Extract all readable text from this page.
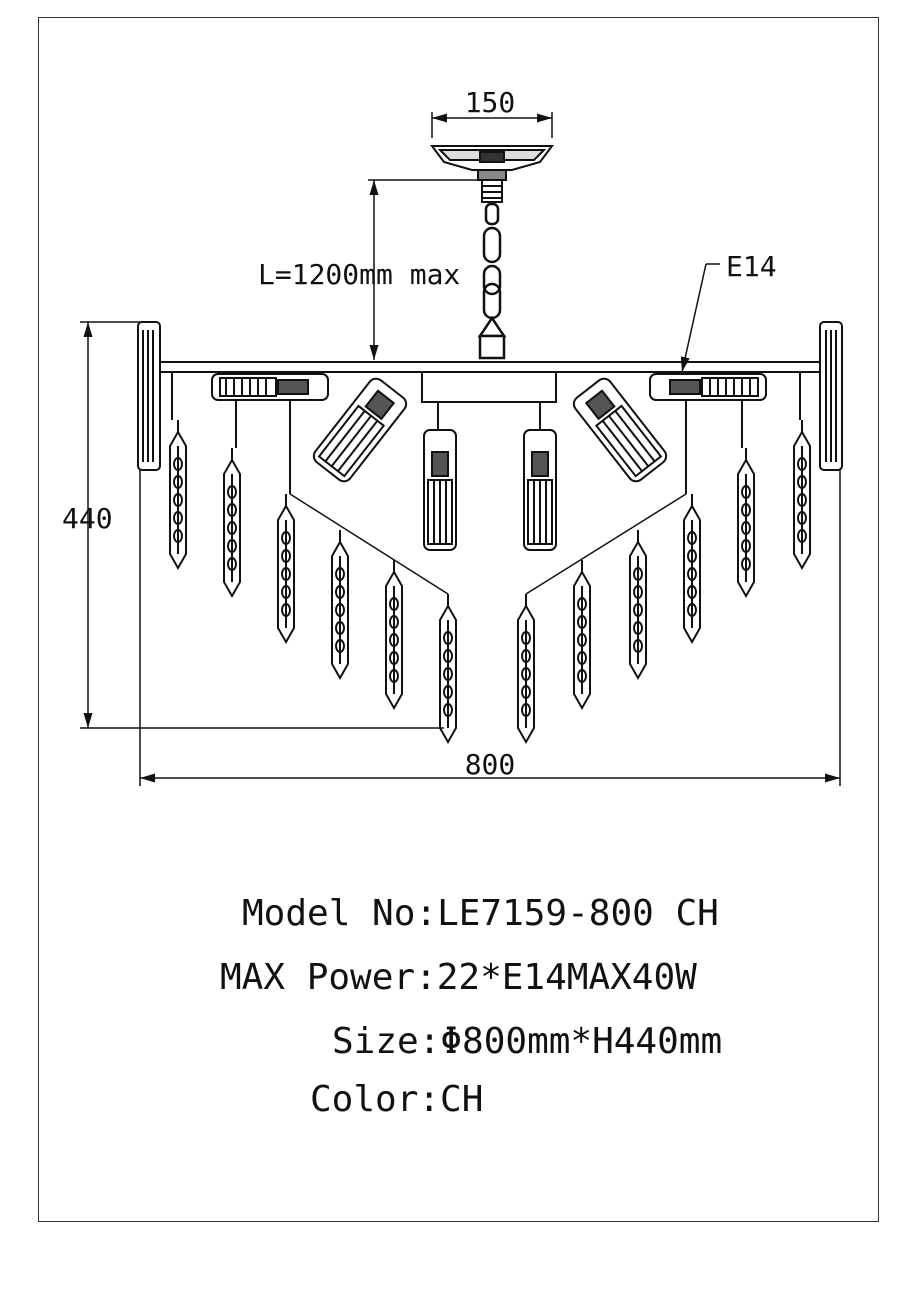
150
L=1200mm max	E14
440
800
Model No:LE7159-800 CH
MAX Power:22*E14MAX40W
Size:Φ800mm*H440mm
Color:CH
